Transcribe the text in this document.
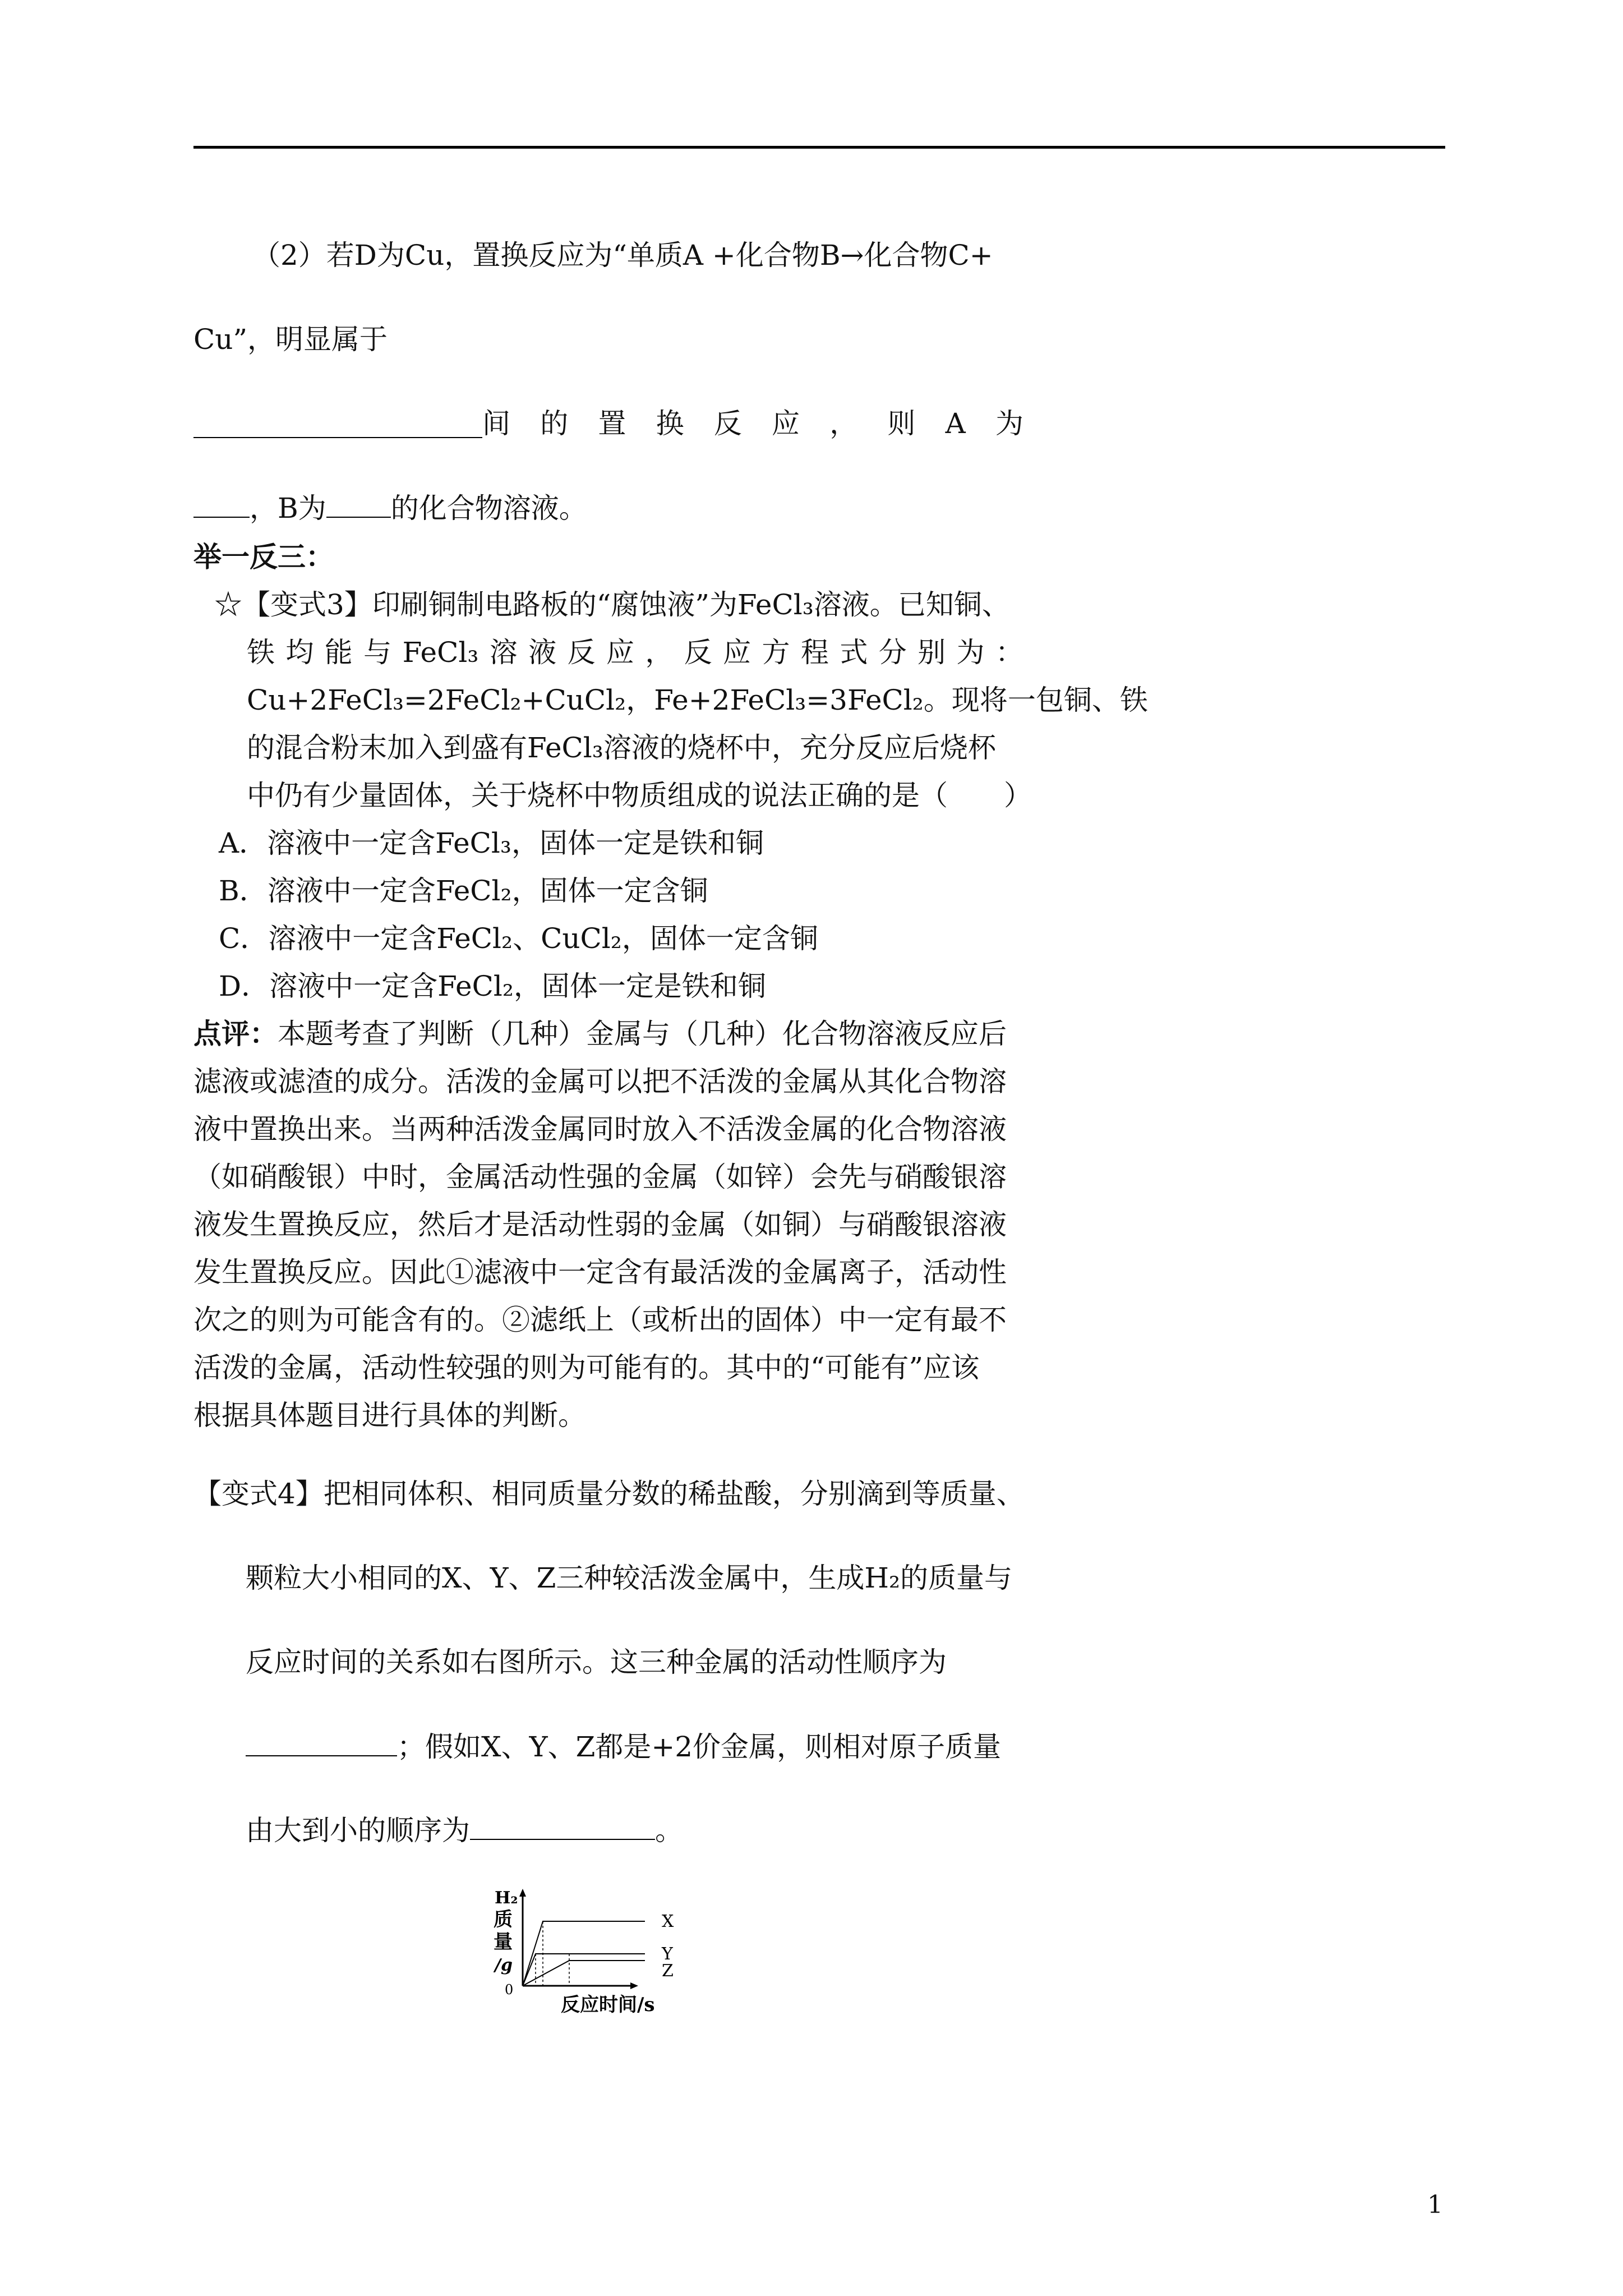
（2）若D为Cu，置换反应为“单质A +化合物B→化合物C+
Cu”，明显属于
间 的 置 换 反 应 ， 则 A 为
，B为 的化合物溶液。
举一反三：
☆【变式3】印刷铜制电路板的“腐蚀液”为FeCl₃溶液。已知铜、
铁 均 能 与 FeCl₃ 溶 液 反 应 ， 反 应 方 程 式 分 别 为 ：
Cu+2FeCl₃=2FeCl₂+CuCl₂，Fe+2FeCl₃=3FeCl₂。现将一包铜、铁
的混合粉末加入到盛有FeCl₃溶液的烧杯中，充分反应后烧杯
中仍有少量固体，关于烧杯中物质组成的说法正确的是（　　）
A．溶液中一定含FeCl₃，固体一定是铁和铜
B．溶液中一定含FeCl₂，固体一定含铜
C．溶液中一定含FeCl₂、CuCl₂，固体一定含铜
D．溶液中一定含FeCl₂，固体一定是铁和铜
点评：本题考查了判断（几种）金属与（几种）化合物溶液反应后
滤液或滤渣的成分。活泼的金属可以把不活泼的金属从其化合物溶
液中置换出来。当两种活泼金属同时放入不活泼金属的化合物溶液
（如硝酸银）中时，金属活动性强的金属（如锌）会先与硝酸银溶
液发生置换反应，然后才是活动性弱的金属（如铜）与硝酸银溶液
发生置换反应。因此①滤液中一定含有最活泼的金属离子，活动性
次之的则为可能含有的。②滤纸上（或析出的固体）中一定有最不
活泼的金属，活动性较强的则为可能有的。其中的“可能有”应该
根据具体题目进行具体的判断。
【变式4】把相同体积、相同质量分数的稀盐酸，分别滴到等质量、
颗粒大小相同的X、Y、Z三种较活泼金属中，生成H₂的质量与
反应时间的关系如右图所示。这三种金属的活动性顺序为
；假如X、Y、Z都是+2价金属，则相对原子质量
由大到小的顺序为	。
H₂
质
量
/g
0
反应时间/s
X
Y
Z
1
